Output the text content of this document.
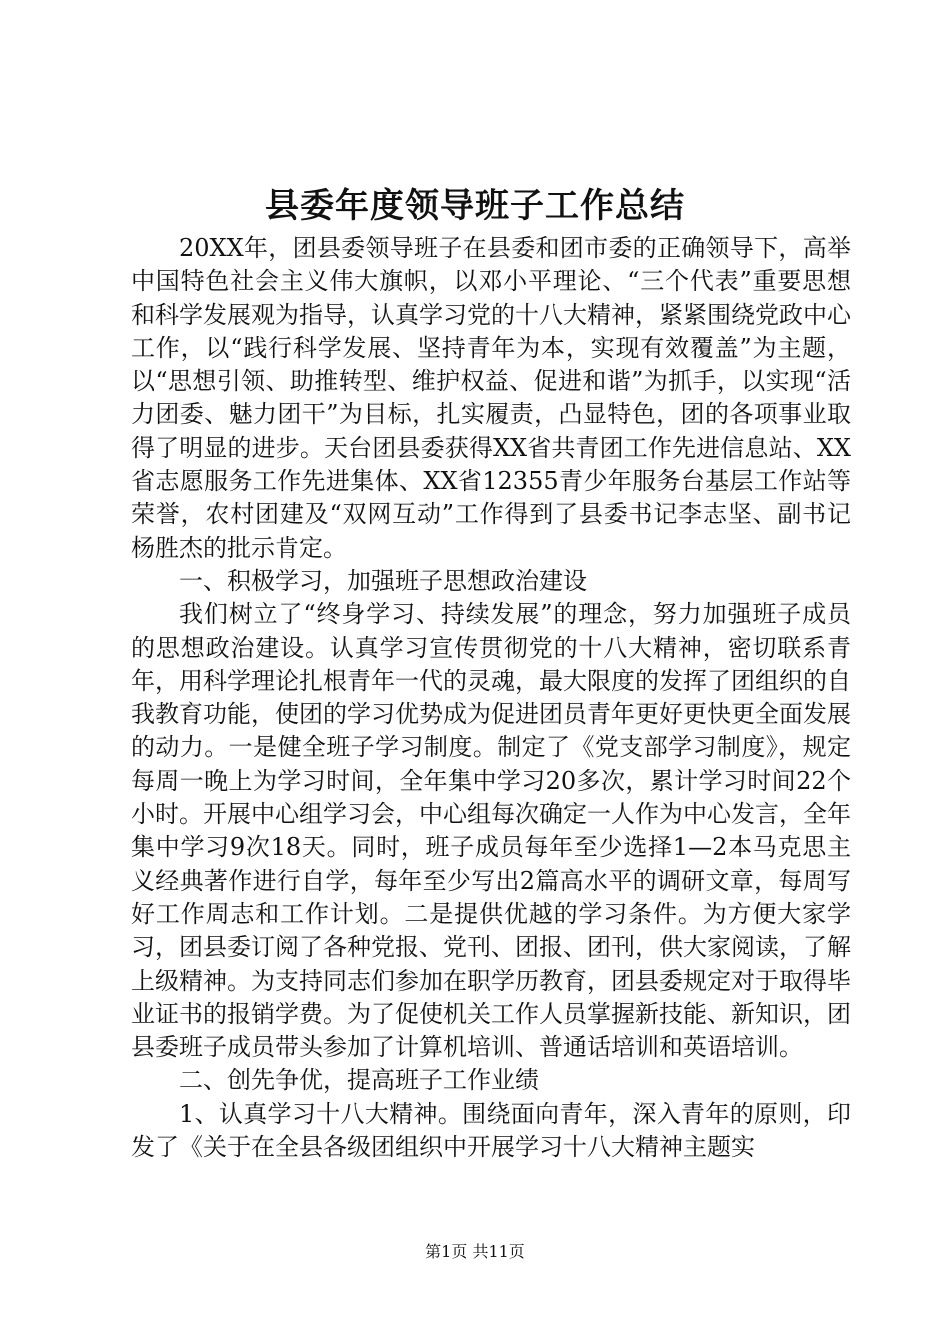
县委年度领导班子工作总结

20XX年，团县委领导班子在县委和团市委的正确领导下，高举中国特色社会主义伟大旗帜，以邓小平理论、“三个代表”重要思想和科学发展观为指导，认真学习党的十八大精神，紧紧围绕党政中心工作，以“践行科学发展、坚持青年为本，实现有效覆盖”为主题，以“思想引领、助推转型、维护权益、促进和谐”为抓手，以实现“活力团委、魅力团干”为目标，扎实履责，凸显特色，团的各项事业取得了明显的进步。天台团县委获得XX省共青团工作先进信息站、XX省志愿服务工作先进集体、XX省12355青少年服务台基层工作站等荣誉，农村团建及“双网互动”工作得到了县委书记李志坚、副书记杨胜杰的批示肯定。

一、积极学习，加强班子思想政治建设

我们树立了“终身学习、持续发展”的理念，努力加强班子成员的思想政治建设。认真学习宣传贯彻党的十八大精神，密切联系青年，用科学理论扎根青年一代的灵魂，最大限度的发挥了团组织的自我教育功能，使团的学习优势成为促进团员青年更好更快更全面发展的动力。一是健全班子学习制度。制定了《党支部学习制度》，规定每周一晚上为学习时间，全年集中学习20多次，累计学习时间22个小时。开展中心组学习会，中心组每次确定一人作为中心发言，全年集中学习9次18天。同时，班子成员每年至少选择1—2本马克思主义经典著作进行自学，每年至少写出2篇高水平的调研文章，每周写好工作周志和工作计划。二是提供优越的学习条件。为方便大家学习，团县委订阅了各种党报、党刊、团报、团刊，供大家阅读，了解上级精神。为支持同志们参加在职学历教育，团县委规定对于取得毕业证书的报销学费。为了促使机关工作人员掌握新技能、新知识，团县委班子成员带头参加了计算机培训、普通话培训和英语培训。

二、创先争优，提高班子工作业绩

1、认真学习十八大精神。围绕面向青年，深入青年的原则，印发了《关于在全县各级团组织中开展学习十八大精神主题实

第1页 共11页
